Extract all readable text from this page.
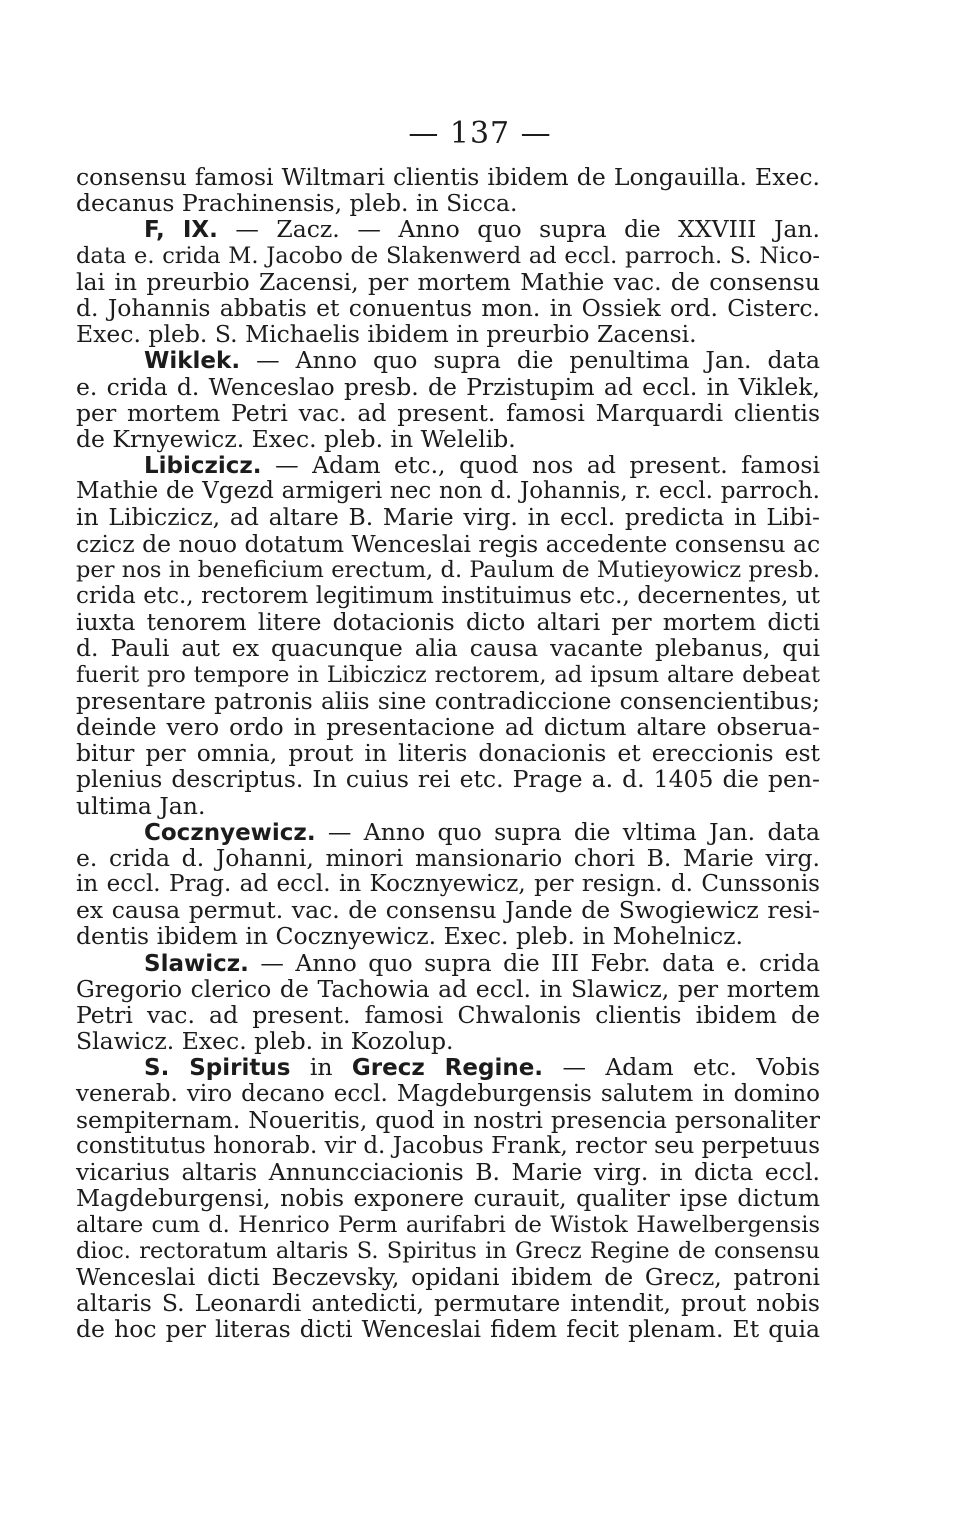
— 137 —
consensu famosi Wiltmari clientis ibidem de Longauilla. Exec.
decanus Prachinensis, pleb. in Sicca.
F, IX. — Zacz. — Anno quo supra die XXVIII Jan.
data e. crida M. Jacobo de Slakenwerd ad eccl. parroch. S. Nico-
lai in preurbio Zacensi, per mortem Mathie vac. de consensu
d. Johannis abbatis et conuentus mon. in Ossiek ord. Cisterc.
Exec. pleb. S. Michaelis ibidem in preurbio Zacensi.
Wiklek. — Anno quo supra die penultima Jan. data
e. crida d. Wenceslao presb. de Przistupim ad eccl. in Viklek,
per mortem Petri vac. ad present. famosi Marquardi clientis
de Krnyewicz. Exec. pleb. in Welelib.
Libiczicz. — Adam etc., quod nos ad present. famosi
Mathie de Vgezd armigeri nec non d. Johannis, r. eccl. parroch.
in Libiczicz, ad altare B. Marie virg. in eccl. predicta in Libi-
czicz de nouo dotatum Wenceslai regis accedente consensu ac
per nos in beneficium erectum, d. Paulum de Mutieyowicz presb.
crida etc., rectorem legitimum instituimus etc., decernentes, ut
iuxta tenorem litere dotacionis dicto altari per mortem dicti
d. Pauli aut ex quacunque alia causa vacante plebanus, qui
fuerit pro tempore in Libiczicz rectorem, ad ipsum altare debeat
presentare patronis aliis sine contradiccione consencientibus;
deinde vero ordo in presentacione ad dictum altare obserua-
bitur per omnia, prout in literis donacionis et ereccionis est
plenius descriptus. In cuius rei etc. Prage a. d. 1405 die pen-
ultima Jan.
Cocznyewicz. — Anno quo supra die vltima Jan. data
e. crida d. Johanni, minori mansionario chori B. Marie virg.
in eccl. Prag. ad eccl. in Kocznyewicz, per resign. d. Cunssonis
ex causa permut. vac. de consensu Jande de Swogiewicz resi-
dentis ibidem in Cocznyewicz. Exec. pleb. in Mohelnicz.
Slawicz. — Anno quo supra die III Febr. data e. crida
Gregorio clerico de Tachowia ad eccl. in Slawicz, per mortem
Petri vac. ad present. famosi Chwalonis clientis ibidem de
Slawicz. Exec. pleb. in Kozolup.
S. Spiritus in Grecz Regine. — Adam etc. Vobis
venerab. viro decano eccl. Magdeburgensis salutem in domino
sempiternam. Noueritis, quod in nostri presencia personaliter
constitutus honorab. vir d. Jacobus Frank, rector seu perpetuus
vicarius altaris Annuncciacionis B. Marie virg. in dicta eccl.
Magdeburgensi, nobis exponere curauit, qualiter ipse dictum
altare cum d. Henrico Perm aurifabri de Wistok Hawelbergensis
dioc. rectoratum altaris S. Spiritus in Grecz Regine de consensu
Wenceslai dicti Beczevsky, opidani ibidem de Grecz, patroni
altaris S. Leonardi antedicti, permutare intendit, prout nobis
de hoc per literas dicti Wenceslai fidem fecit plenam. Et quia
